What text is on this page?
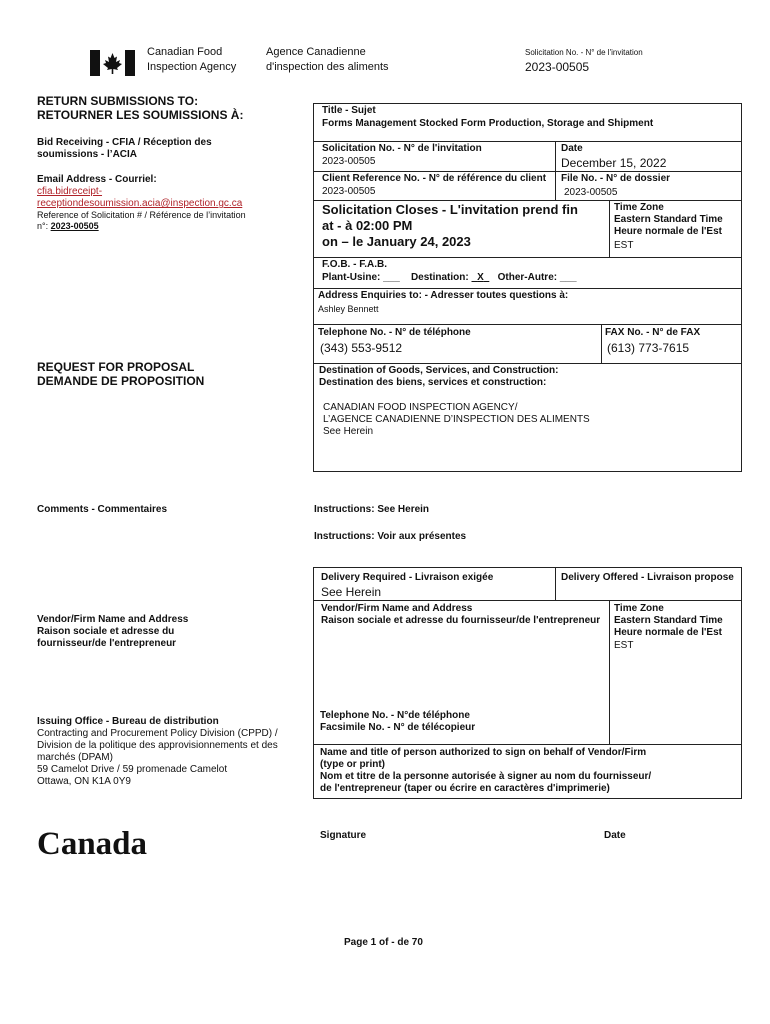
Canadian Food
Inspection Agency
Agence Canadienne
d'inspection des aliments
Solicitation No. - N° de l'invitation
2023-00505
RETURN SUBMISSIONS TO:
RETOURNER LES SOUMISSIONS À:
Bid Receiving - CFIA / Réception des
soumissions - l’ACIA
Email Address - Courriel:
cfia.bidreceipt-
receptiondesoumission.acia@inspection.gc.ca
Reference of Solicitation # / Référence de l’invitation
n°: 2023-00505
REQUEST FOR PROPOSAL
DEMANDE DE PROPOSITION
Comments - Commentaires
Vendor/Firm Name and Address
Raison sociale et adresse du
fournisseur/de l'entrepreneur
Issuing Office - Bureau de distribution
Contracting and Procurement Policy Division (CPPD) /
Division de la politique des approvisionnements et des
marchés (DPAM)
59 Camelot Drive / 59 promenade Camelot
Ottawa, ON K1A 0Y9
Canada
Title - Sujet
Forms Management Stocked Form Production, Storage and Shipment
Solicitation No. - N° de l'invitation
2023-00505
Date
December 15, 2022
Client Reference No. - N° de référence du client
2023-00505
File No. - N° de dossier
2023-00505
Solicitation Closes - L'invitation prend fin
at - à 02:00 PM
on – le January 24, 2023
Time Zone
Eastern Standard Time
Heure normale de l'Est
EST
F.O.B. - F.A.B.
Plant-Usine: ___ Destination: X Other-Autre: ___
Address Enquiries to: - Adresser toutes questions à:
Ashley Bennett
Telephone No. - N° de téléphone
(343) 553-9512
FAX No. - N° de FAX
(613) 773-7615
Destination of Goods, Services, and Construction:
Destination des biens, services et construction:
CANADIAN FOOD INSPECTION AGENCY/
L’AGENCE CANADIENNE D’INSPECTION DES ALIMENTS
See Herein
Instructions: See Herein
Instructions: Voir aux présentes
Delivery Required - Livraison exigée
See Herein
Delivery Offered - Livraison propose
Vendor/Firm Name and Address
Raison sociale et adresse du fournisseur/de l'entrepreneur
Time Zone
Eastern Standard Time
Heure normale de l'Est
EST
Telephone No. - N°de téléphone
Facsimile No. - N° de télécopieur
Name and title of person authorized to sign on behalf of Vendor/Firm
(type or print)
Nom et titre de la personne autorisée à signer au nom du fournisseur/
de l'entrepreneur (taper ou écrire en caractères d'imprimerie)
Signature	Date
Page 1 of - de 70
